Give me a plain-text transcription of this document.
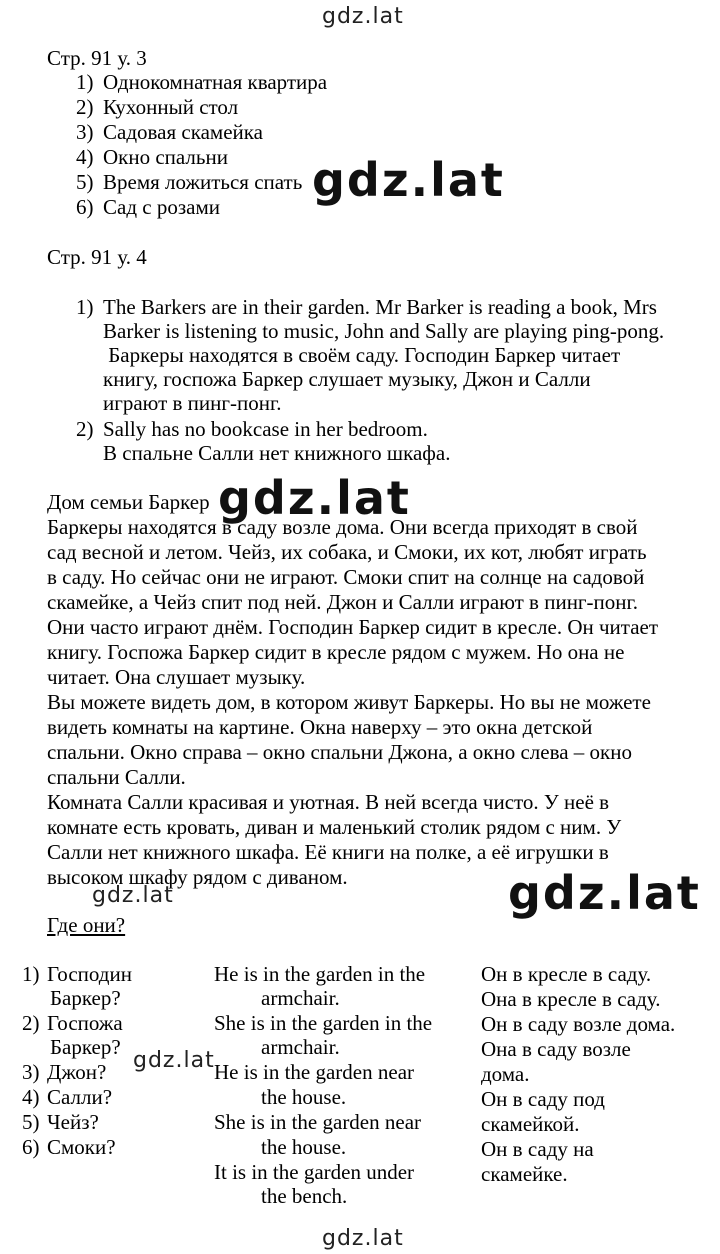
gdz.lat
gdz.lat
gdz.lat
gdz.lat
gdz.lat
gdz.lat
gdz.lat
Стр. 91 у. 3
1) Однокомнатная квартира
2) Кухонный стол
3) Садовая скамейка
4) Окно спальни
5) Время ложиться спать
6) Сад с розами
Стр. 91 у. 4
1) The Barkers are in their garden. Mr Barker is reading a book, Mrs
Barker is listening to music, John and Sally are playing ping-pong.
Баркеры находятся в своём саду. Господин Баркер читает
книгу, госпожа Баркер слушает музыку, Джон и Салли
играют в пинг-понг.
2) Sally has no bookcase in her bedroom.
В спальне Салли нет книжного шкафа.
Дом семьи Баркер
Баркеры находятся в саду возле дома. Они всегда приходят в свой
сад весной и летом. Чейз, их собака, и Смоки, их кот, любят играть
в саду. Но сейчас они не играют. Смоки спит на солнце на садовой
скамейке, а Чейз спит под ней. Джон и Салли играют в пинг-понг.
Они часто играют днём. Господин Баркер сидит в кресле. Он читает
книгу. Госпожа Баркер сидит в кресле рядом с мужем. Но она не
читает. Она слушает музыку.
Вы можете видеть дом, в котором живут Баркеры. Но вы не можете
видеть комнаты на картине. Окна наверху – это окна детской
спальни. Окно справа – окно спальни Джона, а окно слева – окно
спальни Салли.
Комната Салли красивая и уютная. В ней всегда чисто. У неё в
комнате есть кровать, диван и маленький столик рядом с ним. У
Салли нет книжного шкафа. Её книги на полке, а её игрушки в
высоком шкафу рядом с диваном.
Где они?
1) Господин
Баркер?
2) Госпожа
Баркер?
3) Джон?
4) Салли?
5) Чейз?
6) Смоки?
He is in the garden in the
armchair.
She is in the garden in the
armchair.
He is in the garden near
the house.
She is in the garden near
the house.
It is in the garden under
the bench.
Он в кресле в саду.
Она в кресле в саду.
Он в саду возле дома.
Она в саду возле
дома.
Он в саду под
скамейкой.
Он в саду на
скамейке.
